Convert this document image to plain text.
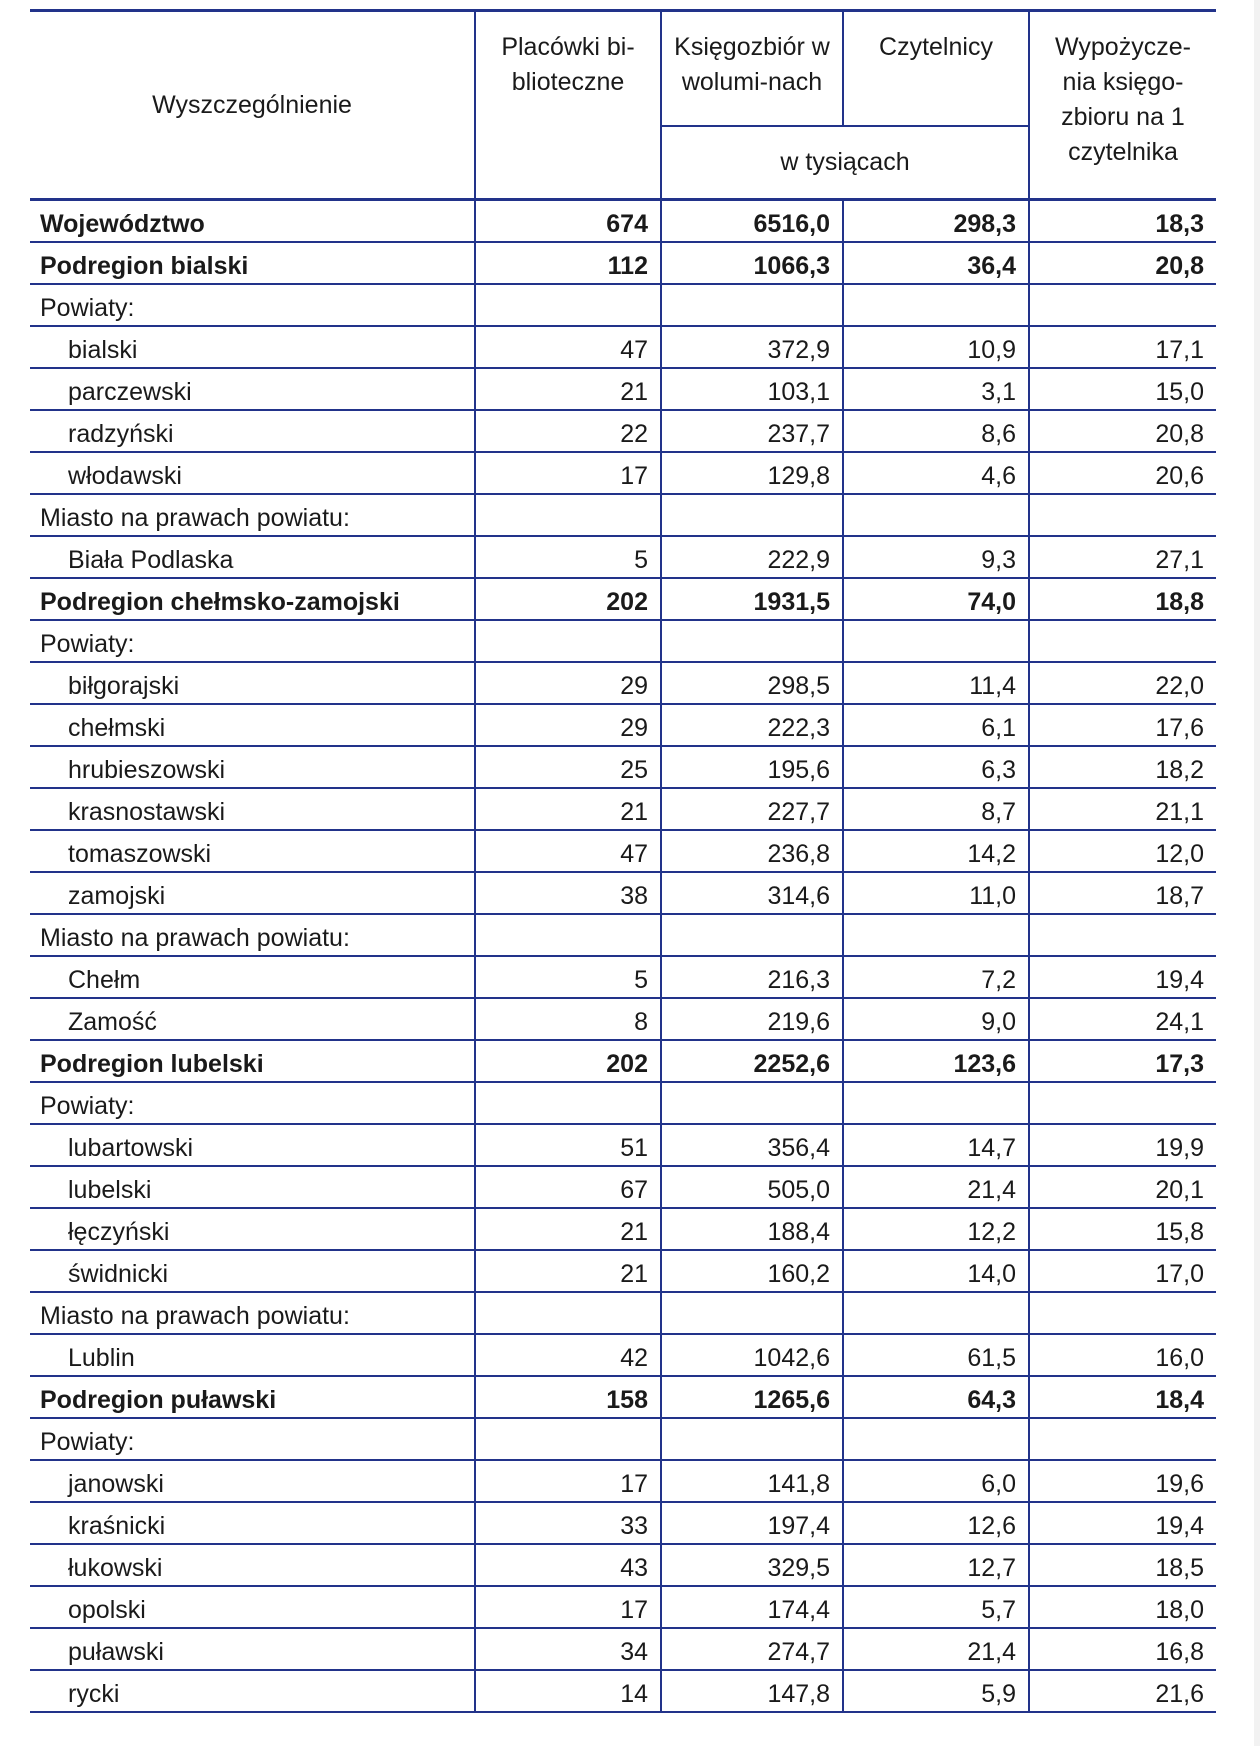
Wyszczególnienie	Placówki bi-blioteczne	Księgozbiór w wolumi-nach	Czytelnicy	Wypożycze-nia księgo-zbioru na 1 czytelnika
		w tysiącach		
Województwo	674	6516,0	298,3	18,3
Podregion bialski	112	1066,3	36,4	20,8
Powiaty:				
bialski	47	372,9	10,9	17,1
parczewski	21	103,1	3,1	15,0
radzyński	22	237,7	8,6	20,8
włodawski	17	129,8	4,6	20,6
Miasto na prawach powiatu:				
Biała Podlaska	5	222,9	9,3	27,1
Podregion chełmsko-zamojski	202	1931,5	74,0	18,8
Powiaty:				
biłgorajski	29	298,5	11,4	22,0
chełmski	29	222,3	6,1	17,6
hrubieszowski	25	195,6	6,3	18,2
krasnostawski	21	227,7	8,7	21,1
tomaszowski	47	236,8	14,2	12,0
zamojski	38	314,6	11,0	18,7
Miasto na prawach powiatu:				
Chełm	5	216,3	7,2	19,4
Zamość	8	219,6	9,0	24,1
Podregion lubelski	202	2252,6	123,6	17,3
Powiaty:				
lubartowski	51	356,4	14,7	19,9
lubelski	67	505,0	21,4	20,1
łęczyński	21	188,4	12,2	15,8
świdnicki	21	160,2	14,0	17,0
Miasto na prawach powiatu:				
Lublin	42	1042,6	61,5	16,0
Podregion puławski	158	1265,6	64,3	18,4
Powiaty:				
janowski	17	141,8	6,0	19,6
kraśnicki	33	197,4	12,6	19,4
łukowski	43	329,5	12,7	18,5
opolski	17	174,4	5,7	18,0
puławski	34	274,7	21,4	16,8
rycki	14	147,8	5,9	21,6
